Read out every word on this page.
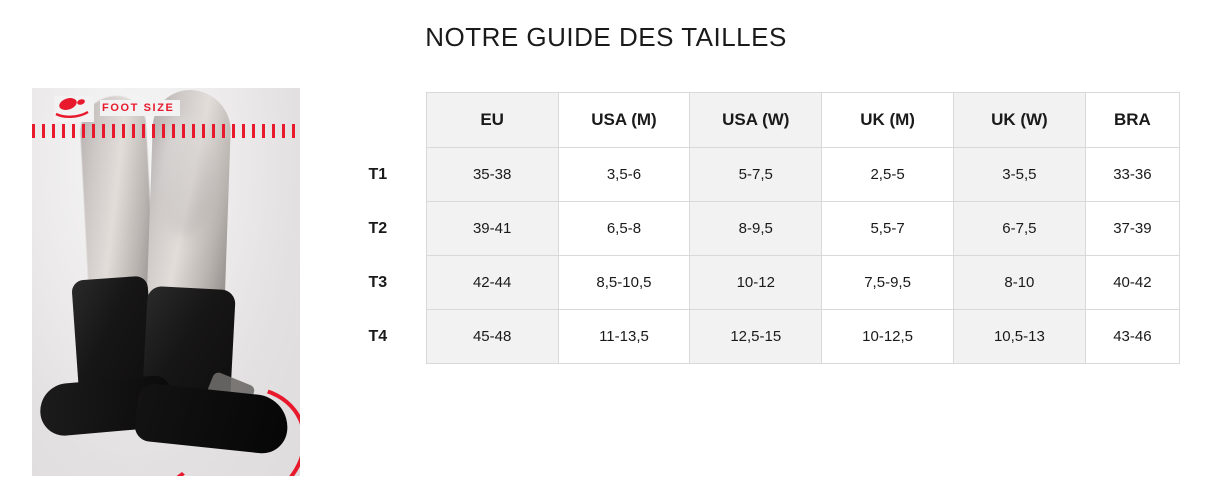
NOTRE GUIDE DES TAILLES
FOOT SIZE
	EU	USA (M)	USA (W)	UK (M)	UK (W)	BRA
T1	35-38	3,5-6	5-7,5	2,5-5	3-5,5	33-36
T2	39-41	6,5-8	8-9,5	5,5-7	6-7,5	37-39
T3	42-44	8,5-10,5	10-12	7,5-9,5	8-10	40-42
T4	45-48	11-13,5	12,5-15	10-12,5	10,5-13	43-46
